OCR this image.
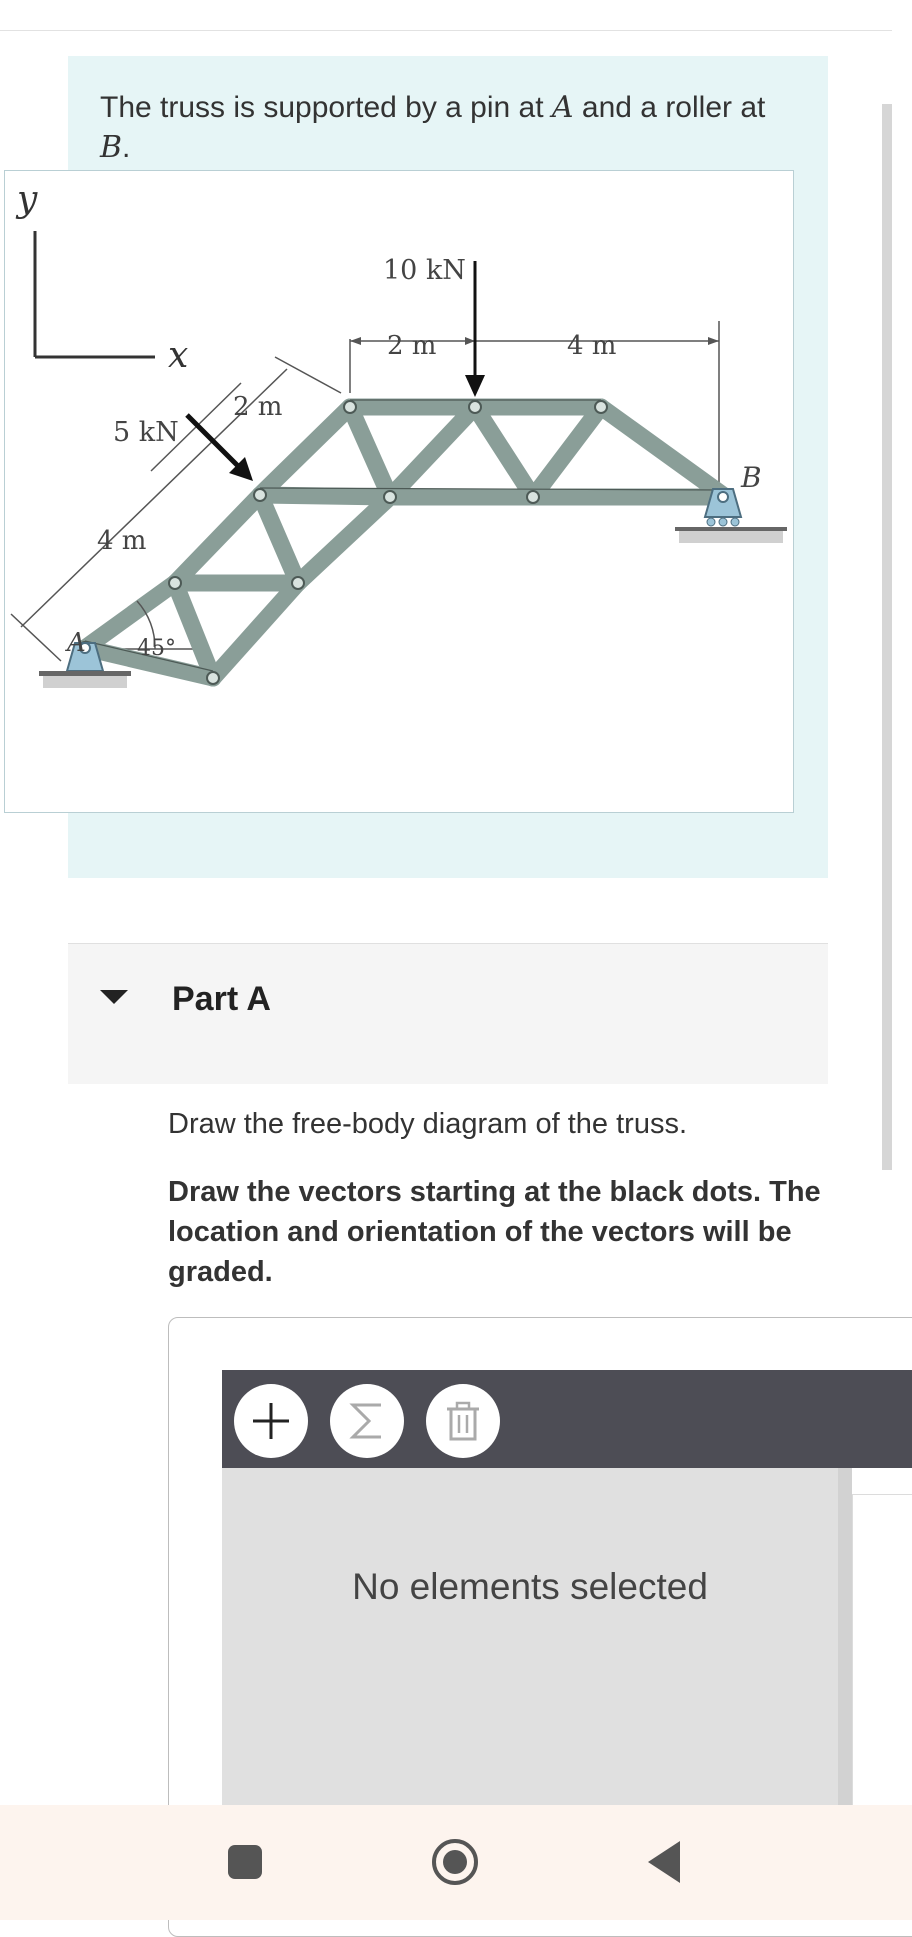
The truss is supported by a pin at A and a roller at B.
y
x
10 kN
5 kN
2 m	4 m
2 m
4 m
45°
A
B
Part A
Draw the free-body diagram of the truss.
Draw the vectors starting at the black dots. The location and orientation of the vectors will be graded.
No elements selected
